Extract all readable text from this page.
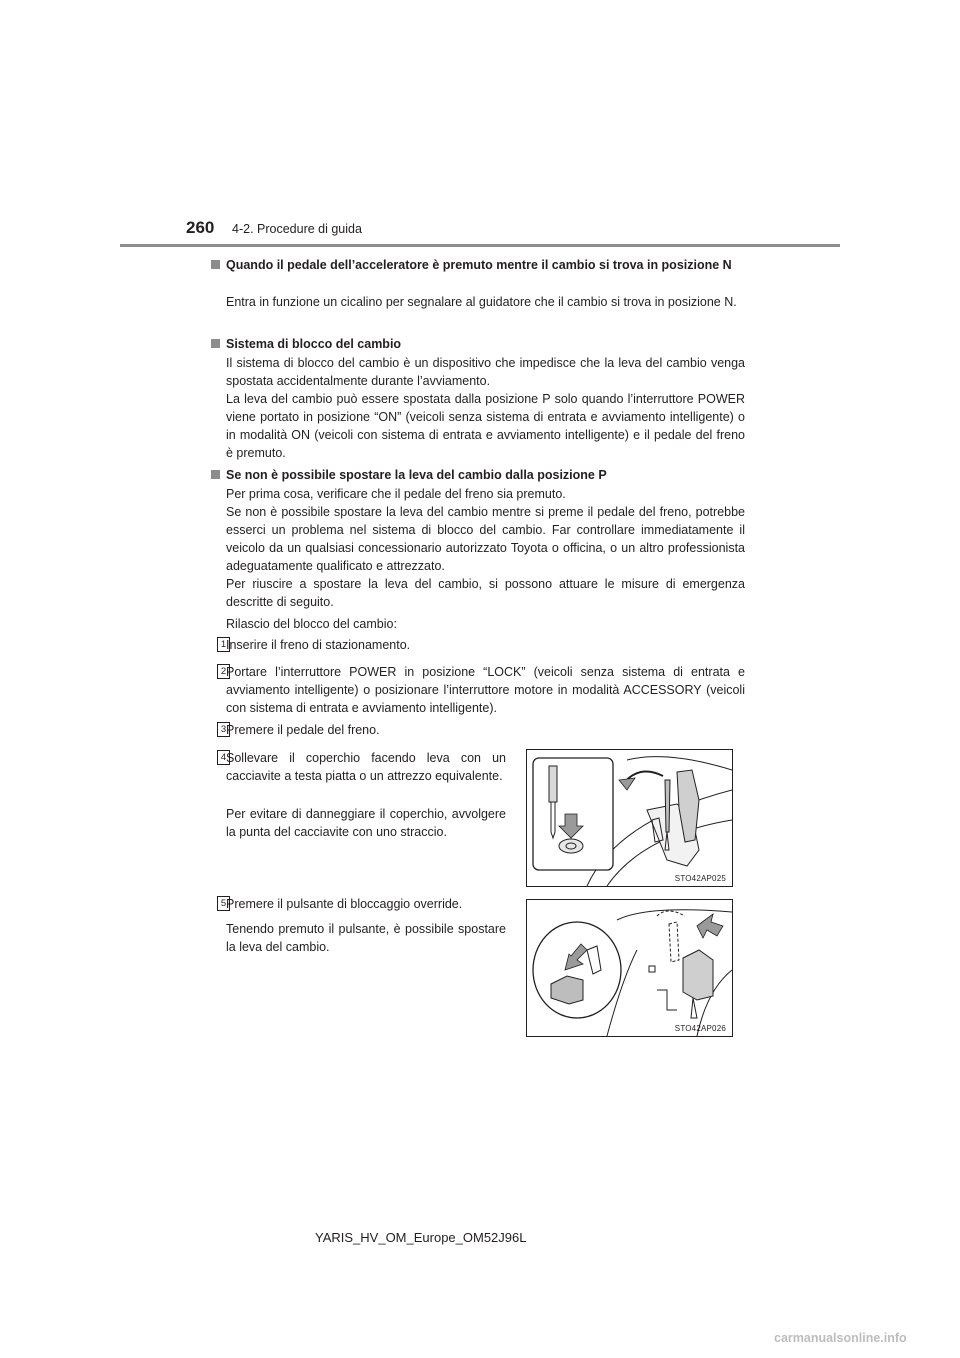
260 4-2. Procedure di guida
Quando il pedale dell’acceleratore è premuto mentre il cambio si trova in posizione N

Entra in funzione un cicalino per segnalare al guidatore che il cambio si trova in posizione N.

Sistema di blocco del cambio

Il sistema di blocco del cambio è un dispositivo che impedisce che la leva del cambio venga spostata accidentalmente durante l’avviamento.

La leva del cambio può essere spostata dalla posizione P solo quando l’interruttore POWER viene portato in posizione “ON” (veicoli senza sistema di entrata e avviamento intelligente) o in modalità ON (veicoli con sistema di entrata e avviamento intelligente) e il pedale del freno è premuto.

Se non è possibile spostare la leva del cambio dalla posizione P

Per prima cosa, verificare che il pedale del freno sia premuto.

Se non è possibile spostare la leva del cambio mentre si preme il pedale del freno, potrebbe esserci un problema nel sistema di blocco del cambio. Far controllare immediatamente il veicolo da un qualsiasi concessionario autorizzato Toyota o officina, o un altro professionista adeguatamente qualificato e attrezzato.

Per riuscire a spostare la leva del cambio, si possono attuare le misure di emergenza descritte di seguito.

Rilascio del blocco del cambio:

1 Inserire il freno di stazionamento.

2 Portare l’interruttore POWER in posizione “LOCK” (veicoli senza sistema di entrata e avviamento intelligente) o posizionare l’interruttore motore in modalità ACCESSORY (veicoli con sistema di entrata e avviamento intelligente).

3 Premere il pedale del freno.

4 Sollevare il coperchio facendo leva con un cacciavite a testa piatta o un attrezzo equivalente.

Per evitare di danneggiare il coperchio, avvolgere la punta del cacciavite con uno straccio.

STO42AP025
5 Premere il pulsante di bloccaggio override.

Tenendo premuto il pulsante, è possibile spostare la leva del cambio.

STO42AP026
YARIS_HV_OM_Europe_OM52J96L
carmanualsonline.info
